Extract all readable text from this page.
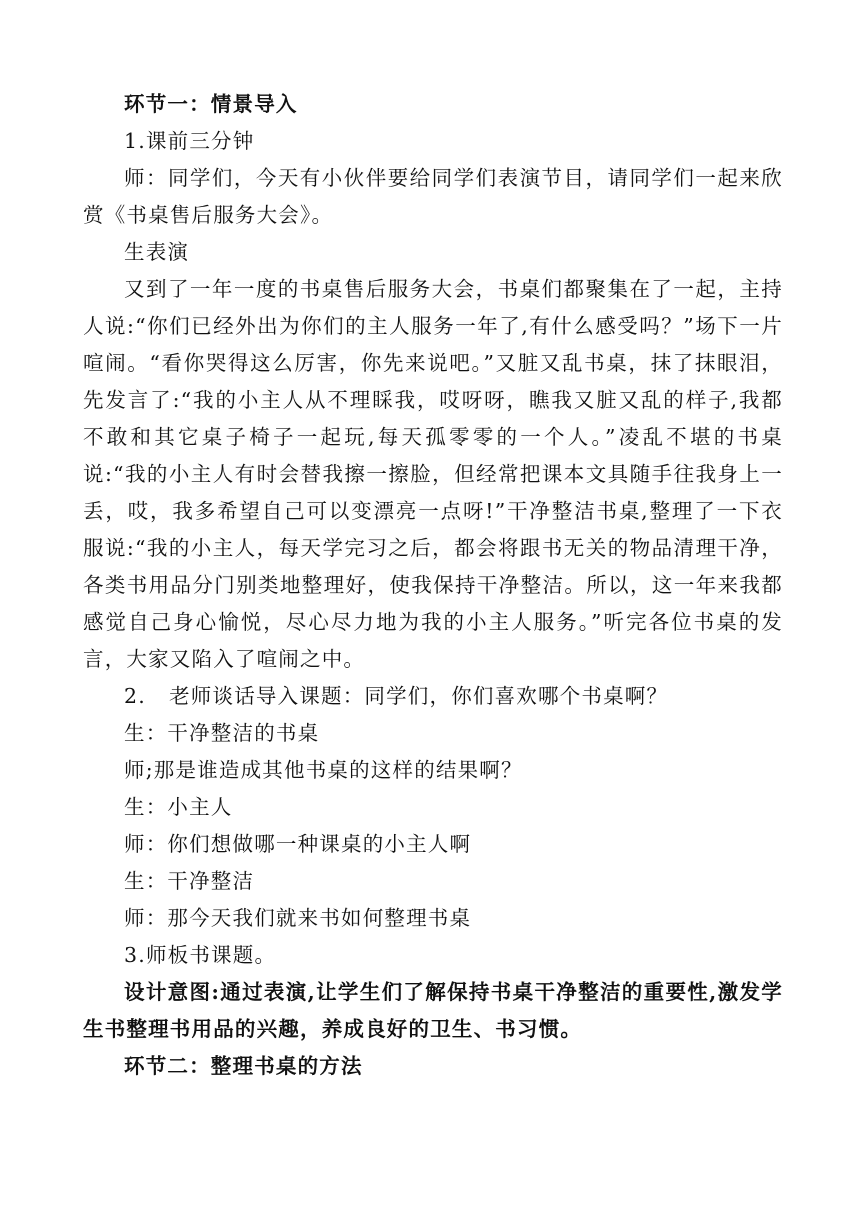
环节一：情景导入

1.课前三分钟

师：同学们，今天有小伙伴要给同学们表演节目，请同学们一起来欣赏《书桌售后服务大会》。

生表演

又到了一年一度的书桌售后服务大会，书桌们都聚集在了一起，主持人说:“你们已经外出为你们的主人服务一年了,有什么感受吗？”场下一片喧闹。“看你哭得这么厉害，你先来说吧。”又脏又乱书桌，抹了抹眼泪，先发言了:“我的小主人从不理睬我，哎呀呀，瞧我又脏又乱的样子,我都不敢和其它桌子椅子一起玩,每天孤零零的一个人。”凌乱不堪的书桌说:“我的小主人有时会替我擦一擦脸，但经常把课本文具随手往我身上一丢，哎，我多希望自己可以变漂亮一点呀!”干净整洁书桌,整理了一下衣服说:“我的小主人，每天学完习之后，都会将跟书无关的物品清理干净，各类书用品分门别类地整理好，使我保持干净整洁。所以，这一年来我都感觉自己身心愉悦，尽心尽力地为我的小主人服务。”听完各位书桌的发言，大家又陷入了喧闹之中。

2.   老师谈话导入课题：同学们，你们喜欢哪个书桌啊？

生：干净整洁的书桌

师;那是谁造成其他书桌的这样的结果啊？

生：小主人

师：你们想做哪一种课桌的小主人啊

生：干净整洁

师：那今天我们就来书如何整理书桌

3.师板书课题。

设计意图:通过表演,让学生们了解保持书桌干净整洁的重要性,激发学生书整理书用品的兴趣，养成良好的卫生、书习惯。

环节二：整理书桌的方法
